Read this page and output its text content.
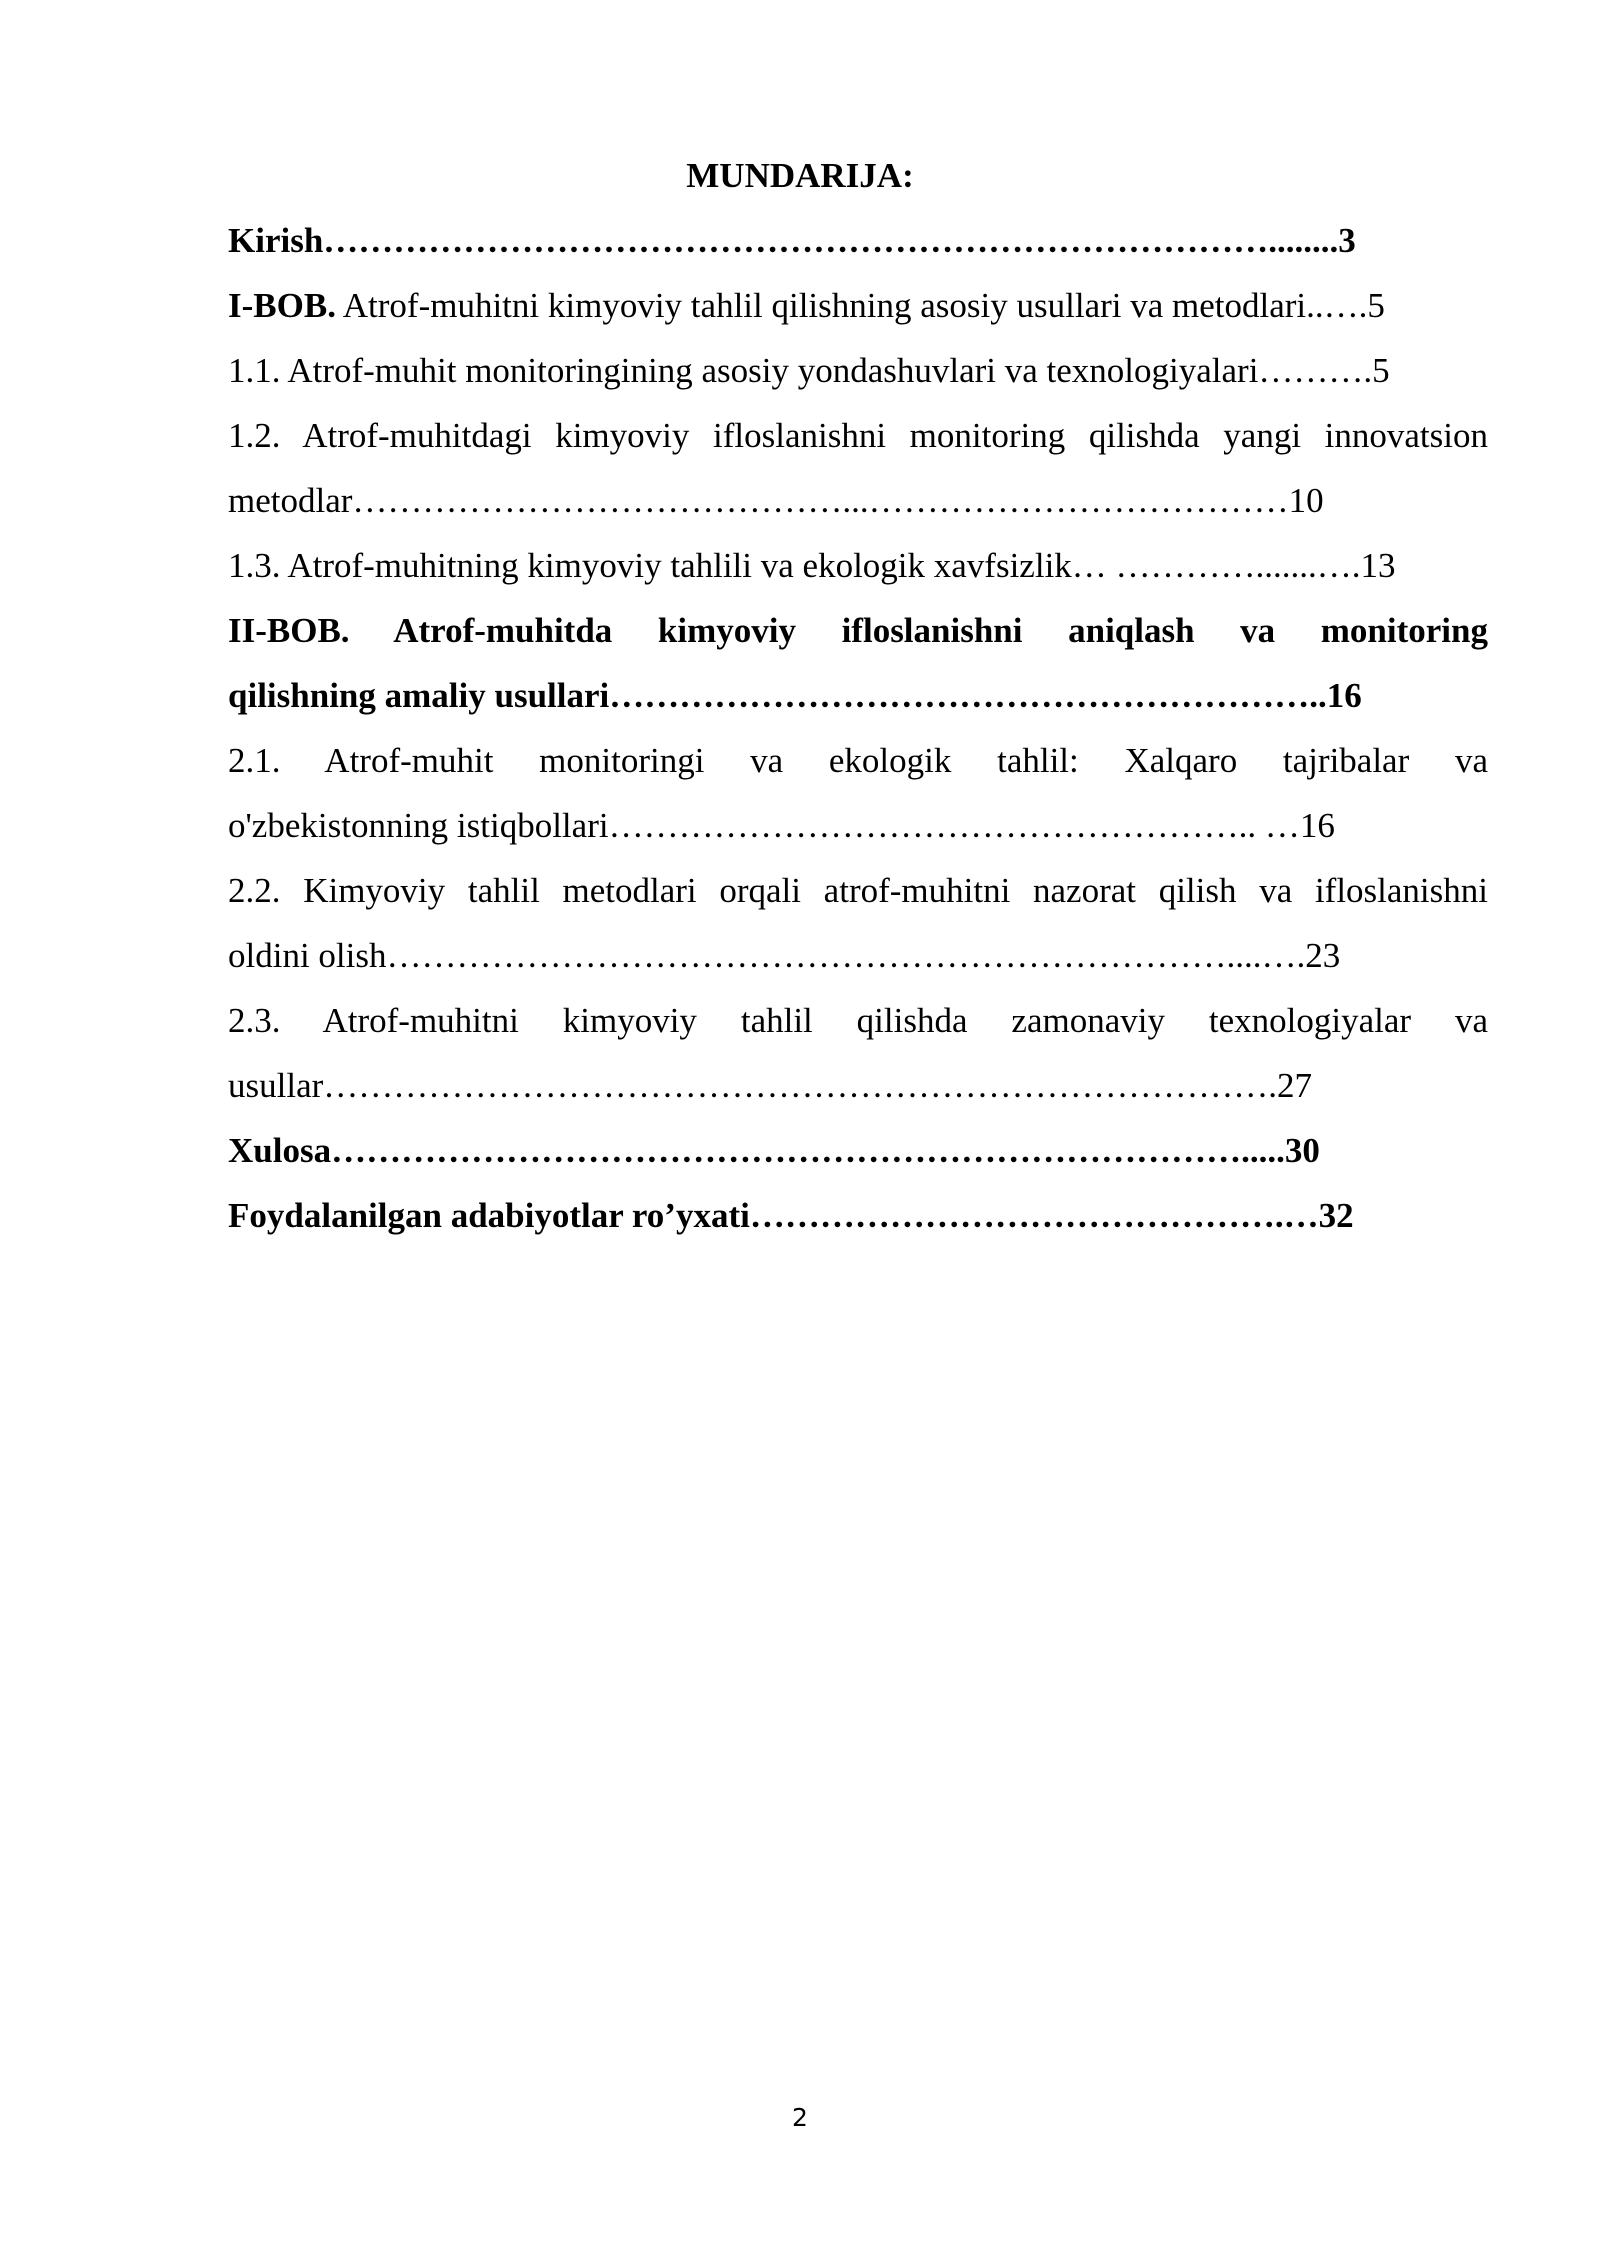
MUNDARIJA:
Kirish………………………………………………………………………........3
I-BOB. Atrof-muhitni kimyoviy tahlil qilishning asosiy usullari va metodlari..….5
1.1. Atrof-muhit monitoringining asosiy yondashuvlari va texnologiyalari……….5
1.2. Atrof-muhitdagi kimyoviy ifloslanishni monitoring qilishda yangi innovatsion
metodlar……………………………………...………………………………10
1.3. Atrof-muhitning kimyoviy tahlili va ekologik xavfsizlik… ………….......….13
II-BOB. Atrof-muhitda kimyoviy ifloslanishni aniqlash va monitoring
qilishning amaliy usullari……………………………………………………..16
2.1. Atrof-muhit monitoringi va ekologik tahlil: Xalqaro tajribalar va
o'zbekistonning istiqbollari……………………………………………….. …16
2.2. Kimyoviy tahlil metodlari orqali atrof-muhitni nazorat qilish va ifloslanishni
oldini olish………………………………………………………………....….23
2.3. Atrof-muhitni kimyoviy tahlil qilishda zamonaviy texnologiyalar va
usullar……………………………………………………………………….27
Xulosa…………………………………………………………………….....30
Foydalanilgan adabiyotlar ro’yxati……………………………………….…32
2
